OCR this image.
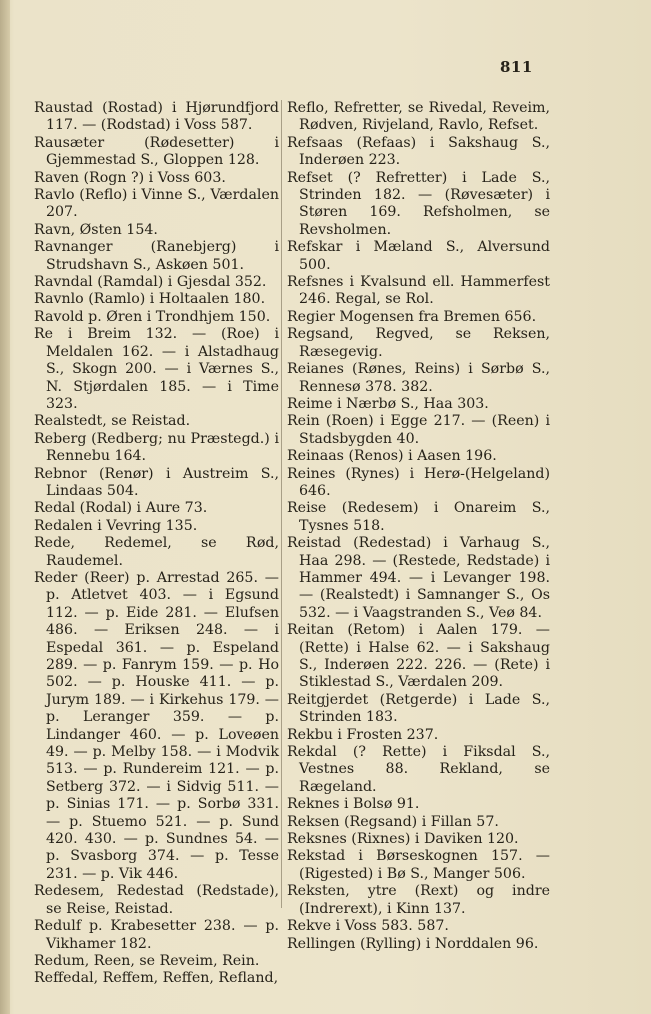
811

Raustad (Rostad) i Hjørundfjord 117. — (Rodstad) i Voss 587.

Rausæter (Rødesetter) i Gjemmestad S., Gloppen 128.

Raven (Rogn ?) i Voss 603.

Ravlo (Reflo) i Vinne S., Værdalen 207.

Ravn, Østen 154.

Ravnanger (Ranebjerg) i Strudshavn S., Askøen 501.

Ravndal (Ramdal) i Gjesdal 352.

Ravnlo (Ramlo) i Holtaalen 180.

Ravold p. Øren i Trondhjem 150.

Re i Breim 132. — (Roe) i Meldalen 162. — i Alstadhaug S., Skogn 200. — i Værnes S., N. Stjørdalen 185. — i Time 323.

Realstedt, se Reistad.

Reberg (Redberg; nu Præstegd.) i Rennebu 164.

Rebnor (Renør) i Austreim S., Lindaas 504.

Redal (Rodal) i Aure 73.

Redalen i Vevring 135.

Rede, Redemel, se Rød, Raudemel.

Reder (Reer) p. Arrestad 265. — p. Atletvet 403. — i Egsund 112. — p. Eide 281. — Elufsen 486. — Eriksen 248. — i Espedal 361. — p. Espeland 289. — p. Fanrym 159. — p. Ho 502. — p. Houske 411. — p. Jurym 189. — i Kirkehus 179. — p. Leranger 359. — p. Lindanger 460. — p. Loveøen 49. — p. Melby 158. — i Modvik 513. — p. Rundereim 121. — p. Setberg 372. — i Sidvig 511. — p. Sinias 171. — p. Sorbø 331. — p. Stuemo 521. — p. Sund 420. 430. — p. Sundnes 54. — p. Svasborg 374. — p. Tesse 231. — p. Vik 446.

Redesem, Redestad (Redstade), se Reise, Reistad.

Redulf p. Krabesetter 238. — p. Vikhamer 182.

Redum, Reen, se Reveim, Rein.

Reffedal, Reffem, Reffen, Refland,

Reflo, Refretter, se Rivedal, Reveim, Rødven, Rivjeland, Ravlo, Refset.

Refsaas (Refaas) i Sakshaug S., Inderøen 223.

Refset (? Refretter) i Lade S., Strinden 182. — (Røvesæter) i Støren 169. Refsholmen, se Revsholmen.

Refskar i Mæland S., Alversund 500.

Refsnes i Kvalsund ell. Hammerfest 246. Regal, se Rol.

Regier Mogensen fra Bremen 656.

Regsand, Regved, se Reksen, Ræsegevig.

Reianes (Rønes, Reins) i Sørbø S., Rennesø 378. 382.

Reime i Nærbø S., Haa 303.

Rein (Roen) i Egge 217. — (Reen) i Stadsbygden 40.

Reinaas (Renos) i Aasen 196.

Reines (Rynes) i Herø-(Helgeland) 646.

Reise (Redesem) i Onareim S., Tysnes 518.

Reistad (Redestad) i Varhaug S., Haa 298. — (Restede, Redstade) i Hammer 494. — i Levanger 198. — (Realstedt) i Samnanger S., Os 532. — i Vaagstranden S., Veø 84.

Reitan (Retom) i Aalen 179. — (Rette) i Halse 62. — i Sakshaug S., Inderøen 222. 226. — (Rete) i Stiklestad S., Værdalen 209.

Reitgjerdet (Retgerde) i Lade S., Strinden 183.

Rekbu i Frosten 237.

Rekdal (? Rette) i Fiksdal S., Vestnes 88. Rekland, se Rægeland.

Reknes i Bolsø 91.

Reksen (Regsand) i Fillan 57.

Reksnes (Rixnes) i Daviken 120.

Rekstad i Børseskognen 157. — (Rigested) i Bø S., Manger 506.

Reksten, ytre (Rext) og indre (Indrerext), i Kinn 137.

Rekve i Voss 583. 587.

Rellingen (Rylling) i Norddalen 96.
